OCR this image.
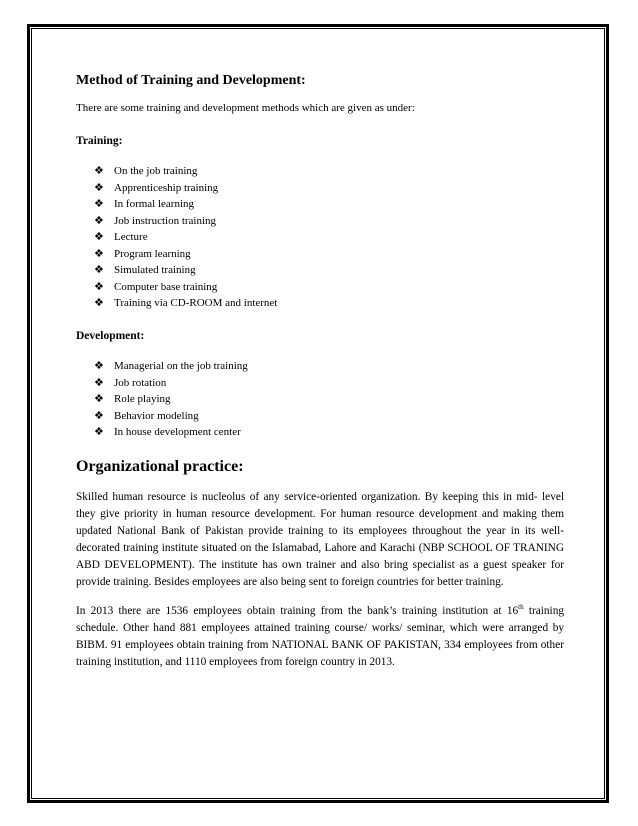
Method of Training and Development:
There are some training and development methods which are given as under:
Training:
❖ On the job training
❖ Apprenticeship training
❖ In formal learning
❖ Job instruction training
❖ Lecture
❖ Program learning
❖ Simulated training
❖ Computer base training
❖ Training via CD-ROOM and internet
Development:
❖ Managerial on the job training
❖ Job rotation
❖ Role playing
❖ Behavior modeling
❖ In house development center
Organizational practice:

Skilled human resource is nucleolus of any service-oriented organization. By keeping this in mid- level they give priority in human resource development. For human resource development and making them updated National Bank of Pakistan provide training to its employees throughout the year in its well-decorated training institute situated on the Islamabad, Lahore and Karachi (NBP SCHOOL OF TRANING ABD DEVELOPMENT). The institute has own trainer and also bring specialist as a guest speaker for provide training. Besides employees are also being sent to foreign countries for better training.

In 2013 there are 1536 employees obtain training from the bank’s training institution at 16th training schedule. Other hand 881 employees attained training course/ works/ seminar, which were arranged by BIBM. 91 employees obtain training from NATIONAL BANK OF PAKISTAN, 334 employees from other training institution, and 1110 employees from foreign country in 2013.
